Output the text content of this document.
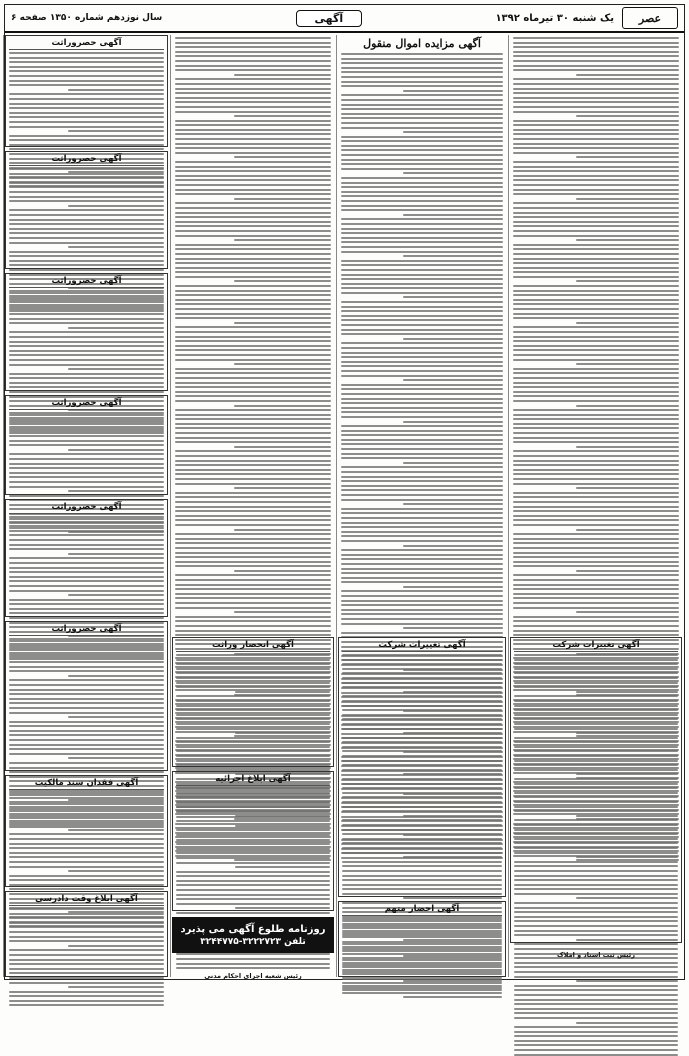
عصر
یک شنبه ۳۰ تیرماه ۱۳۹۲
آگهی
سال نوزدهم شماره ۱۳۵۰ صفحه ۶
آگهی تغییرات شرکت
رئیس ثبت اسناد و املاک
آگهی مزایده اموال منقول
آگهی تغییرات شرکت
آگهی احضار متهم
آگهی انحصار وراثت
آگهی ابلاغ اجرائیه
رئیس شعبه اجرای احکام مدنی
روزنامه طلوع آگهی می پذیرد
تلفن ۳۲۲۲۷۲۳-۳۲۴۴۷۷۵
آگهی حصروراثت
آگهی حصروراثت
آگهی حصروراثت
آگهی حصروراثت
آگهی حصروراثت
آگهی حصروراثت
آگهی فقدان سند مالکیت
آگهی ابلاغ وقت دادرسی
